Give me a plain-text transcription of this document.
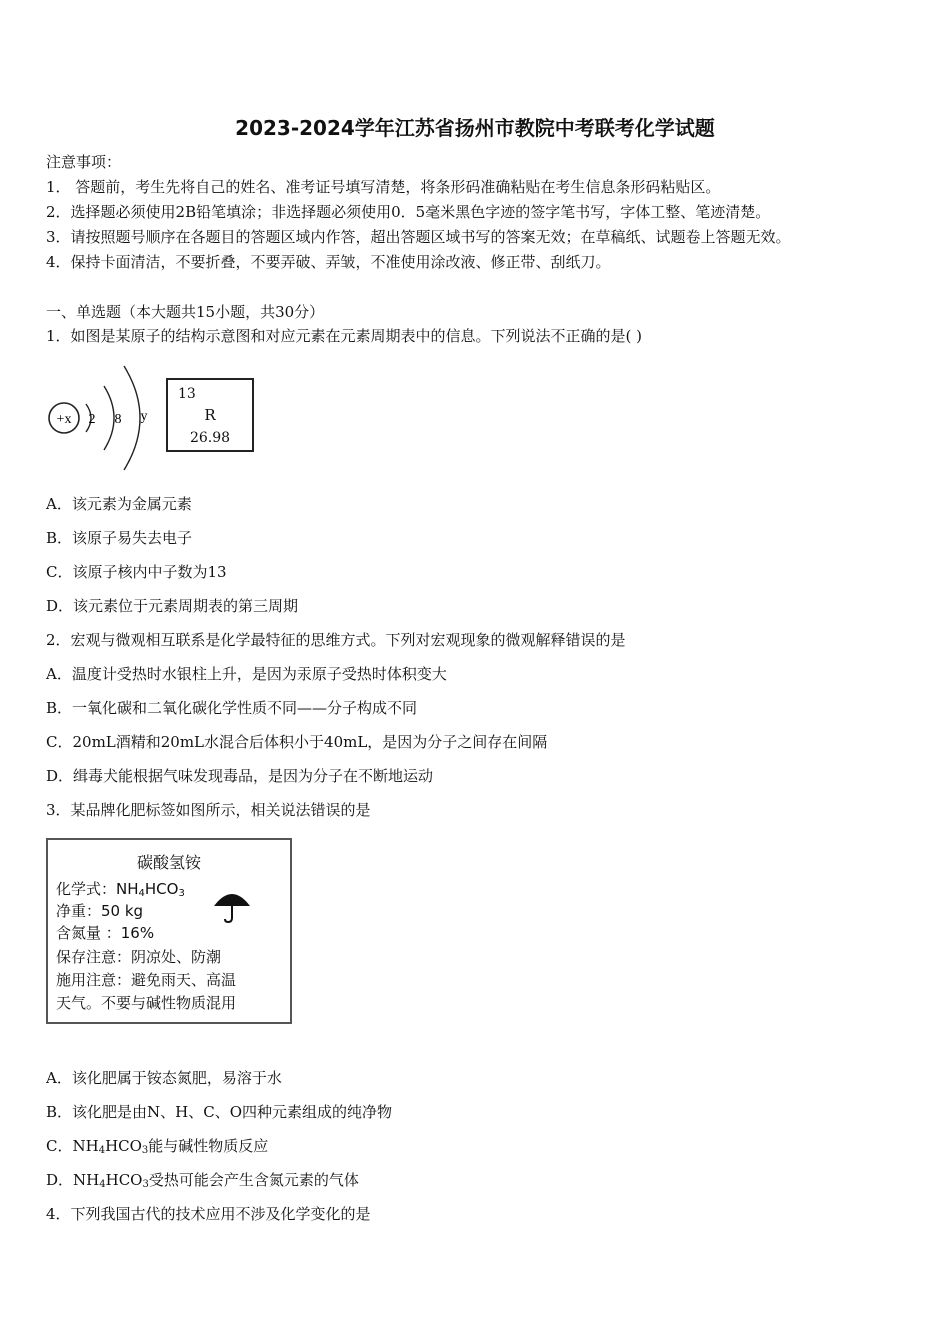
2023-2024学年江苏省扬州市教院中考联考化学试题
注意事项：
1． 答题前，考生先将自己的姓名、准考证号填写清楚，将条形码准确粘贴在考生信息条形码粘贴区。
2．选择题必须使用2B铅笔填涂；非选择题必须使用0．5毫米黑色字迹的签字笔书写，字体工整、笔迹清楚。
3．请按照题号顺序在各题目的答题区域内作答，超出答题区域书写的答案无效；在草稿纸、试题卷上答题无效。
4．保持卡面清洁，不要折叠，不要弄破、弄皱，不准使用涂改液、修正带、刮纸刀。
一、单选题（本大题共15小题，共30分）
1．如图是某原子的结构示意图和对应元素在元素周期表中的信息。下列说法不正确的是( )
+x 2 8 y
13
R
26.98
A．该元素为金属元素
B．该原子易失去电子
C．该原子核内中子数为13
D．该元素位于元素周期表的第三周期
2．宏观与微观相互联系是化学最特征的思维方式。下列对宏观现象的微观解释错误的是
A．温度计受热时水银柱上升，是因为汞原子受热时体积变大
B．一氧化碳和二氧化碳化学性质不同——分子构成不同
C．20mL酒精和20mL水混合后体积小于40mL，是因为分子之间存在间隔
D．缉毒犬能根据气味发现毒品，是因为分子在不断地运动
3．某品牌化肥标签如图所示，相关说法错误的是
碳酸氢铵
化学式：$NH_4HCO_3$
净重：50 kg
含氮量 ：16%
保存注意：阴凉处、防潮
施用注意：避免雨天、高温
天气。不要与碱性物质混用
A．该化肥属于铵态氮肥，易溶于水
B．该化肥是由N、H、C、O四种元素组成的纯净物
C．$NH_4HCO_3$能与碱性物质反应
D．$NH_4HCO_3$受热可能会产生含氮元素的气体
4．下列我国古代的技术应用不涉及化学变化的是
